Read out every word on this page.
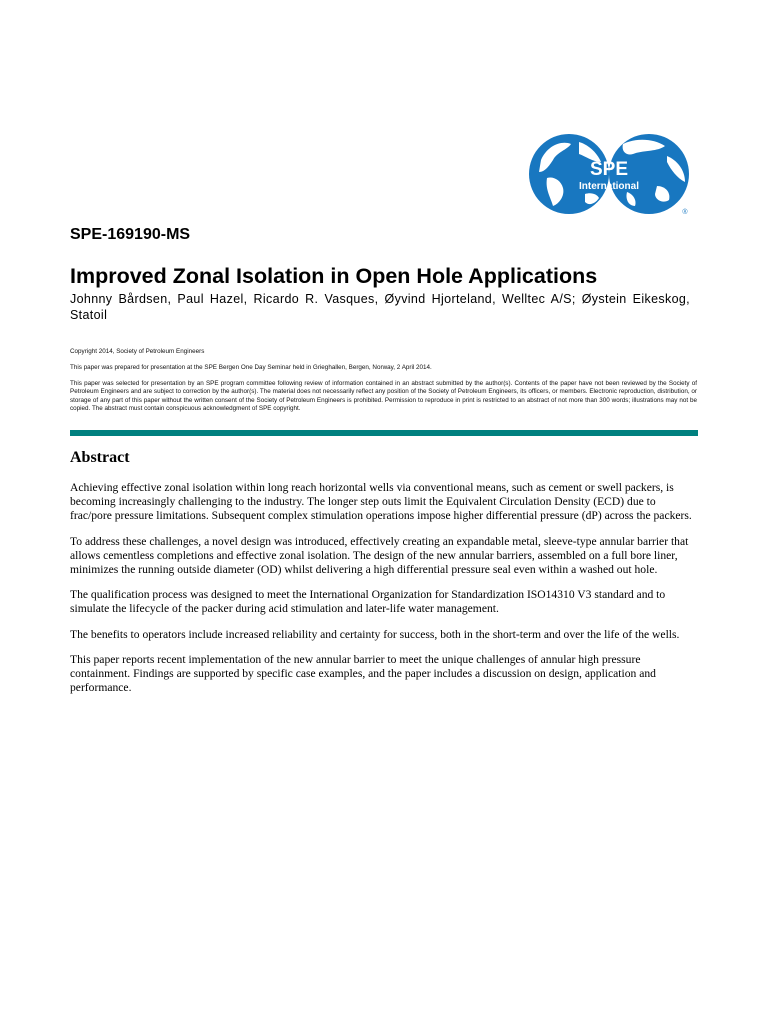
SPE
International
®
SPE-169190-MS
Improved Zonal Isolation in Open Hole Applications

Johnny Bårdsen, Paul Hazel, Ricardo R. Vasques, Øyvind Hjorteland, Welltec A/S; Øystein Eikeskog, Statoil

Copyright 2014, Society of Petroleum Engineers

This paper was prepared for presentation at the SPE Bergen One Day Seminar held in Grieghallen, Bergen, Norway, 2 April 2014.

This paper was selected for presentation by an SPE program committee following review of information contained in an abstract submitted by the author(s). Contents of the paper have not been reviewed by the Society of Petroleum Engineers and are subject to correction by the author(s). The material does not necessarily reflect any position of the Society of Petroleum Engineers, its officers, or members. Electronic reproduction, distribution, or storage of any part of this paper without the written consent of the Society of Petroleum Engineers is prohibited. Permission to reproduce in print is restricted to an abstract of not more than 300 words; illustrations may not be copied. The abstract must contain conspicuous acknowledgment of SPE copyright.

Abstract

Achieving effective zonal isolation within long reach horizontal wells via conventional means, such as cement or swell packers, is becoming increasingly challenging to the industry. The longer step outs limit the Equivalent Circulation Density (ECD) due to frac/pore pressure limitations. Subsequent complex stimulation operations impose higher differential pressure (dP) across the packers.

To address these challenges, a novel design was introduced, effectively creating an expandable metal, sleeve-type annular barrier that allows cementless completions and effective zonal isolation. The design of the new annular barriers, assembled on a full bore liner, minimizes the running outside diameter (OD) whilst delivering a high differential pressure seal even within a washed out hole.

The qualification process was designed to meet the International Organization for Standardization ISO14310 V3 standard and to simulate the lifecycle of the packer during acid stimulation and later-life water management.

The benefits to operators include increased reliability and certainty for success, both in the short-term and over the life of the wells.

This paper reports recent implementation of the new annular barrier to meet the unique challenges of annular high pressure containment. Findings are supported by specific case examples, and the paper includes a discussion on design, application and performance.
